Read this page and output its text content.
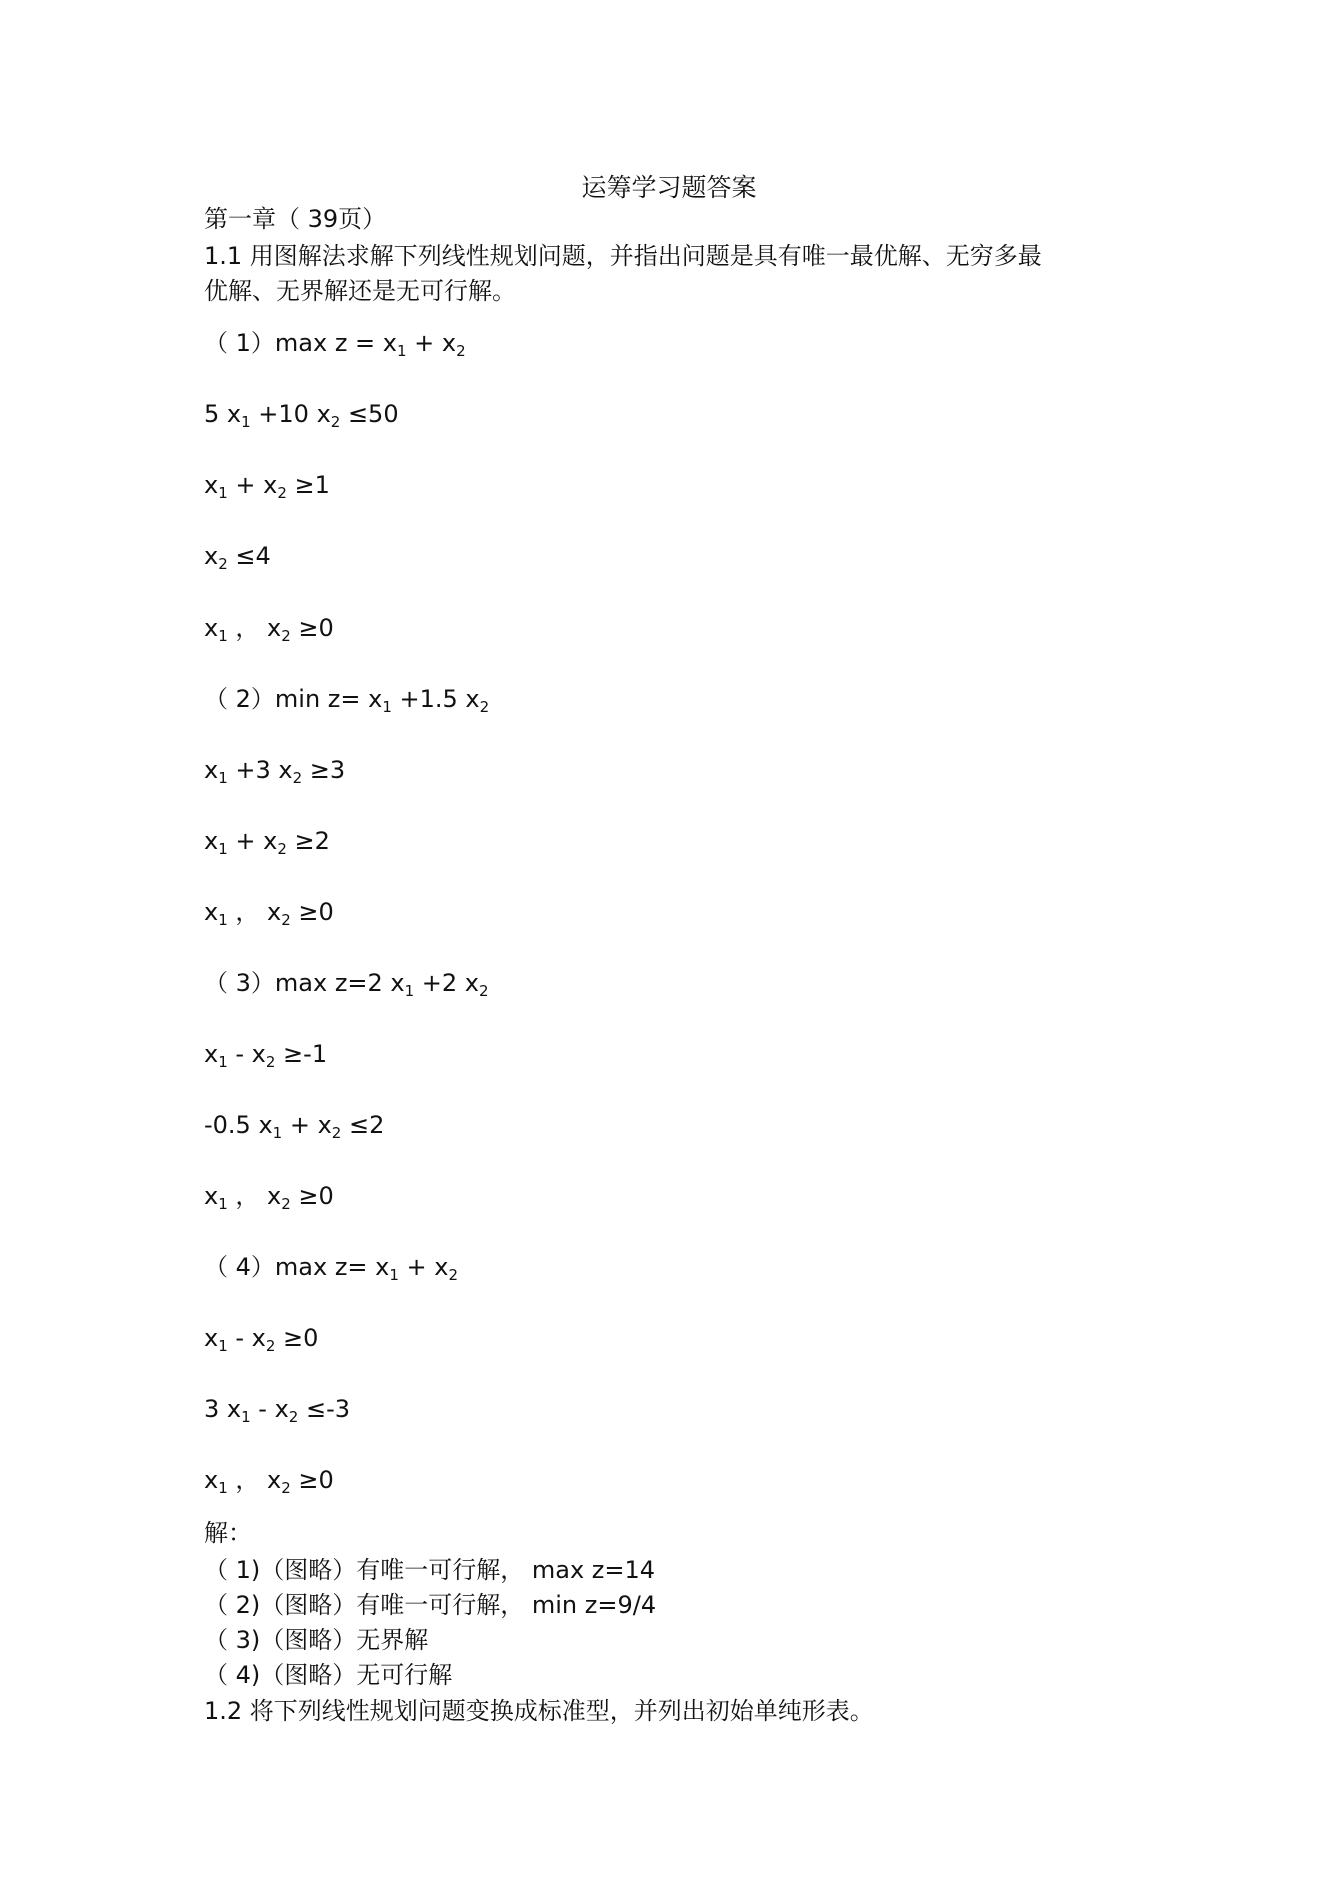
运筹学习题答案
第一章（ 39页）
1.1 用图解法求解下列线性规划问题，并指出问题是具有唯一最优解、无穷多最
优解、无界解还是无可行解。
（ 1）max $z = x_1 + x_2$
5 $x_1 +10$ $x_2 \le 50$
$x_1 + x_2 \ge 1$
$x_2 \le 4$
$x_1$ ， $x_2 \ge 0$
（ 2）min $z= x_1 +1.5$ $x_2$
$x_1 +3$ $x_2 \ge 3$
$x_1 + x_2 \ge 2$
$x_1$ ， $x_2 \ge 0$
（ 3）max z=2 $x_1 +2$ $x_2$
$x_1 - x_2 \ge-1$
-0.5 $x_1 + x_2 \le 2$
$x_1$ ， $x_2 \ge 0$
（ 4）max $z= x_1 + x_2$
$x_1 - x_2 \ge 0$
3 $x_1 - x_2 \le-3$
$x_1$ ， $x_2 \ge 0$
解：
（ 1)（图略）有唯一可行解， max z=14
（ 2)（图略）有唯一可行解， min z=9/4
（ 3)（图略）无界解
（ 4)（图略）无可行解
1.2 将下列线性规划问题变换成标准型，并列出初始单纯形表。
